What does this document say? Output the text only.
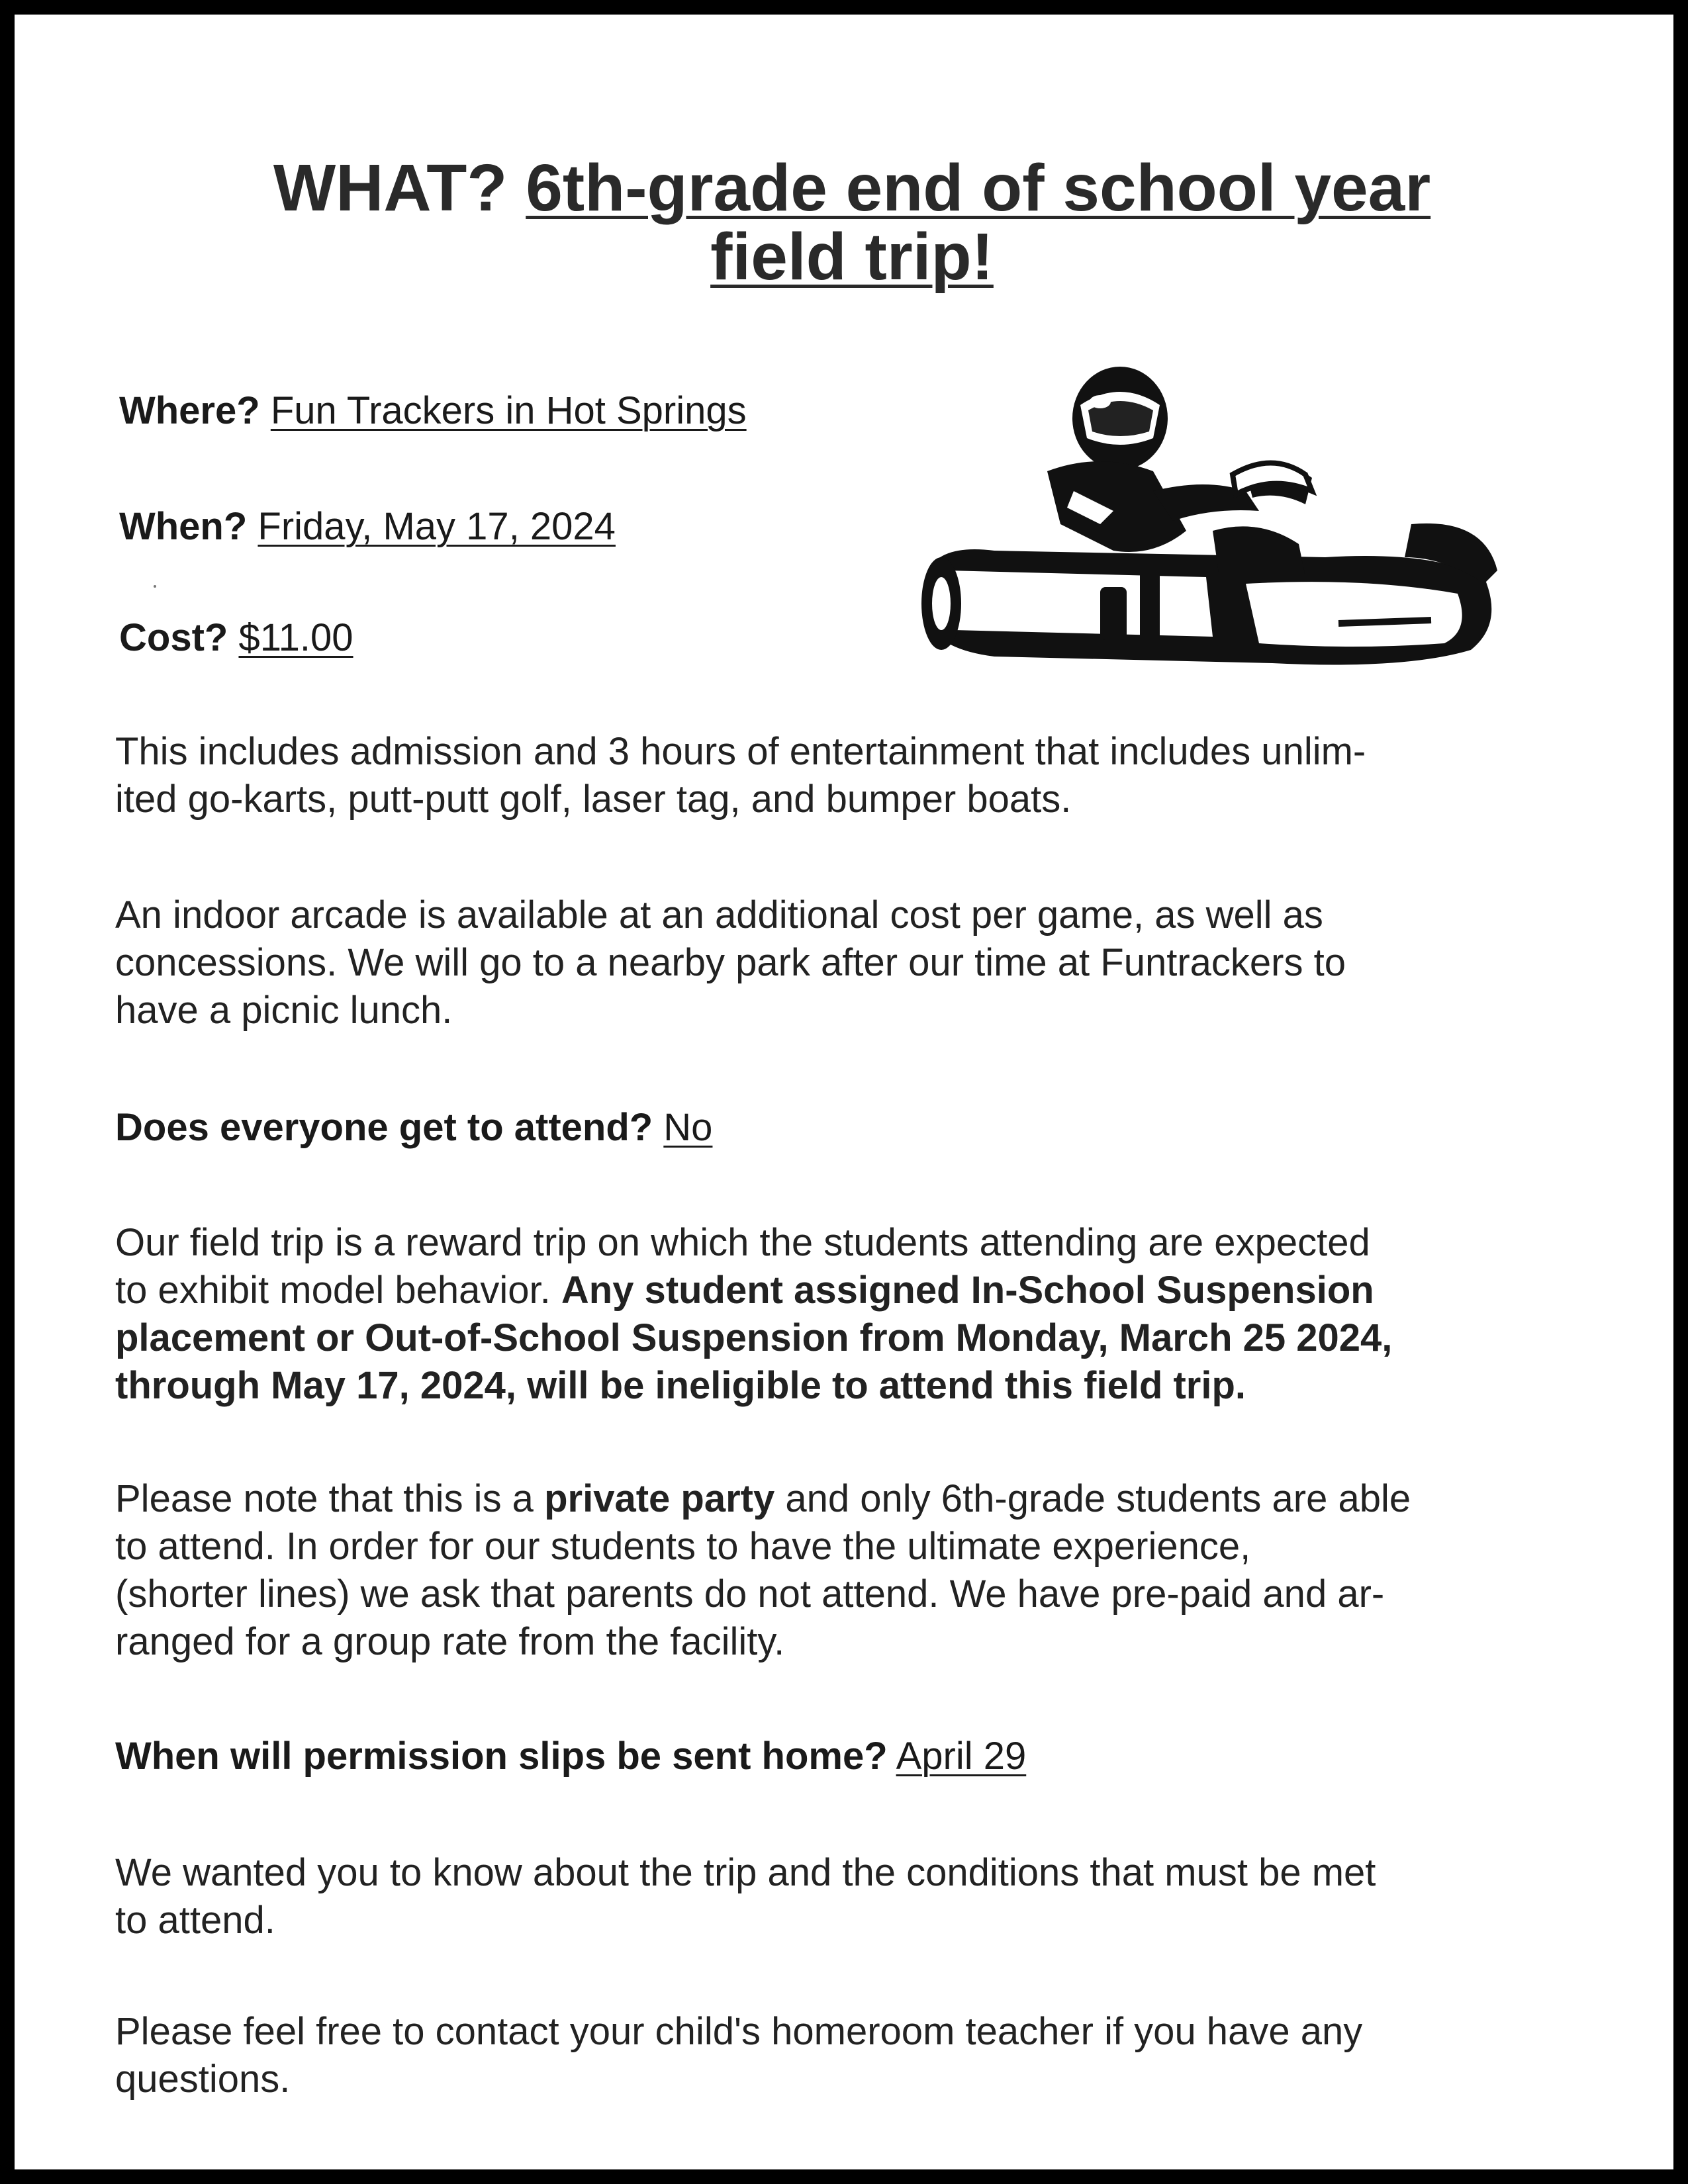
WHAT? 6th-grade end of school year
field trip!
Where? Fun Trackers in Hot Springs
When? Friday, May 17, 2024
Cost? $11.00
This includes admission and 3 hours of entertainment that includes unlim-
ited go-karts, putt-putt golf, laser tag, and bumper boats.
An indoor arcade is available at an additional cost per game, as well as
concessions. We will go to a nearby park after our time at Funtrackers to
have a picnic lunch.
Does everyone get to attend? No
Our field trip is a reward trip on which the students attending are expected
to exhibit model behavior. Any student assigned In-School Suspension
placement or Out-of-School Suspension from Monday, March 25 2024,
through May 17, 2024, will be ineligible to attend this field trip.
Please note that this is a private party and only 6th-grade students are able
to attend. In order for our students to have the ultimate experience,
(shorter lines) we ask that parents do not attend. We have pre-paid and ar-
ranged for a group rate from the facility.
When will permission slips be sent home? April 29
We wanted you to know about the trip and the conditions that must be met
to attend.
Please feel free to contact your child's homeroom teacher if you have any
questions.
